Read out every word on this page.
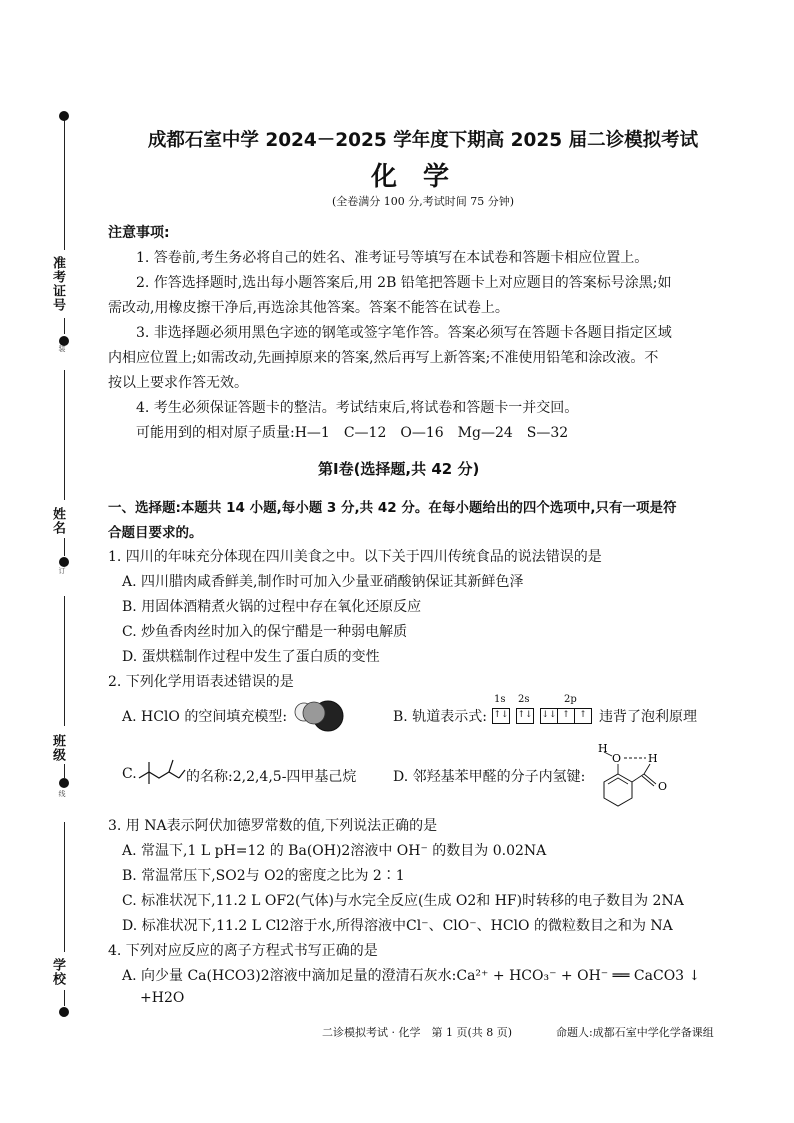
准考证号
装
姓名
订
班级
线
学校
成都石室中学 2024－2025 学年度下期高 2025 届二诊模拟考试
化学
(全卷满分 100 分,考试时间 75 分钟)
注意事项:
1. 答卷前,考生务必将自己的姓名、准考证号等填写在本试卷和答题卡相应位置上。
2. 作答选择题时,选出每小题答案后,用 2B 铅笔把答题卡上对应题目的答案标号涂黑;如
需改动,用橡皮擦干净后,再选涂其他答案。答案不能答在试卷上。
3. 非选择题必须用黑色字迹的钢笔或签字笔作答。答案必须写在答题卡各题目指定区域
内相应位置上;如需改动,先画掉原来的答案,然后再写上新答案;不准使用铅笔和涂改液。不
按以上要求作答无效。
4. 考生必须保证答题卡的整洁。考试结束后,将试卷和答题卡一并交回。
可能用到的相对原子质量:H—1　C—12　O—16　Mg—24　S—32
第Ⅰ卷(选择题,共 42 分)
一、选择题:本题共 14 小题,每小题 3 分,共 42 分。在每小题给出的四个选项中,只有一项是符
合题目要求的。
1. 四川的年味充分体现在四川美食之中。以下关于四川传统食品的说法错误的是
A. 四川腊肉咸香鲜美,制作时可加入少量亚硝酸钠保证其新鲜色泽
B. 用固体酒精煮火锅的过程中存在氧化还原反应
C. 炒鱼香肉丝时加入的保宁醋是一种弱电解质
D. 蛋烘糕制作过程中发生了蛋白质的变性
2. 下列化学用语表述错误的是
A. HClO 的空间填充模型:	B. 轨道表示式:
1s 2s	2p
↑↓ ↑↓ ↓↓ ↑	↑ 违背了泡利原理
C.	的名称:2,2,4,5-四甲基己烷	D. 邻羟基苯甲醛的分子内氢键:
H
O H
O
3. 用 NA表示阿伏加德罗常数的值,下列说法正确的是
A. 常温下,1 L pH=12 的 Ba(OH)2溶液中 OH⁻ 的数目为 0.02NA
B. 常温常压下,SO2与 O2的密度之比为 2∶1
C. 标准状况下,11.2 L OF2(气体)与水完全反应(生成 O2和 HF)时转移的电子数目为 2NA
D. 标准状况下,11.2 L Cl2溶于水,所得溶液中Cl⁻、ClO⁻、HClO 的微粒数目之和为 NA
4. 下列对应反应的离子方程式书写正确的是
A. 向少量 Ca(HCO3)2溶液中滴加足量的澄清石灰水:Ca²⁺ + HCO₃⁻ + OH⁻ ══ CaCO3 ↓
+H2O
二诊模拟考试 · 化学　第 1 页(共 8 页)	命题人:成都石室中学化学备课组
